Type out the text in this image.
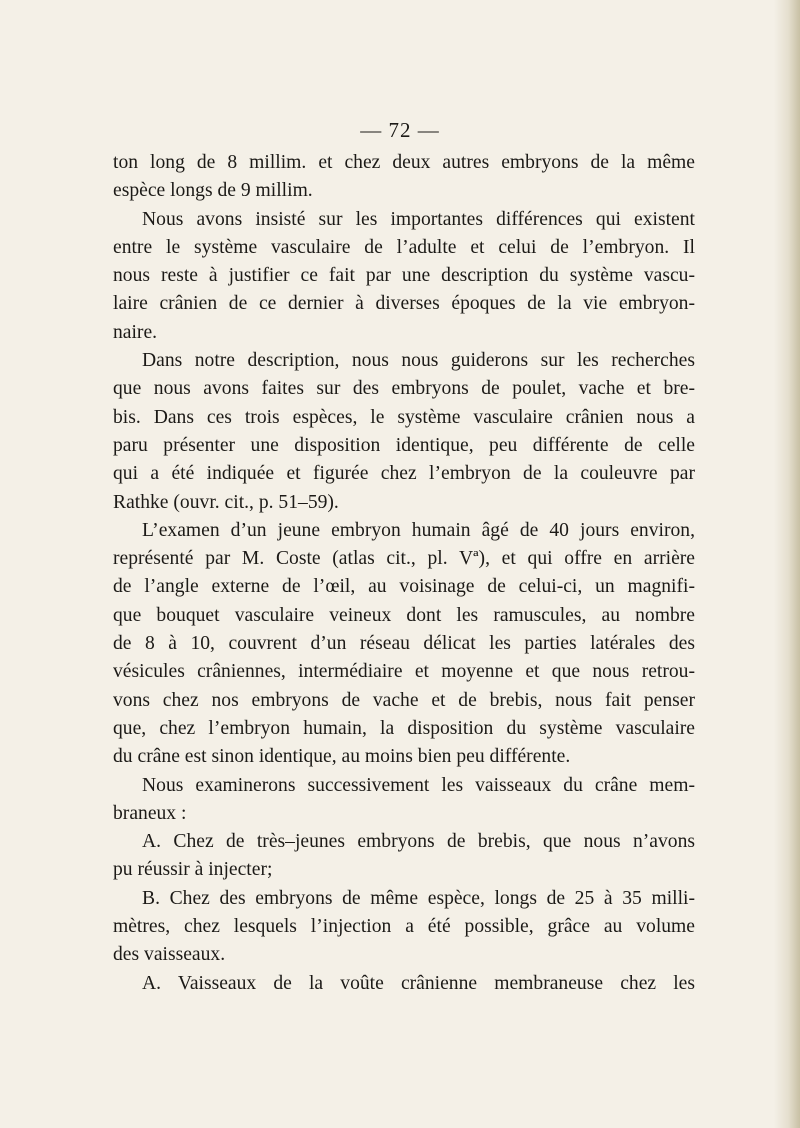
— 72 —
ton long de 8 millim. et chez deux autres embryons de la même
espèce longs de 9 millim.
Nous avons insisté sur les importantes différences qui existent
entre le système vasculaire de l’adulte et celui de l’embryon. Il
nous reste à justifier ce fait par une description du système vascu-
laire crânien de ce dernier à diverses époques de la vie embryon-
naire.
Dans notre description, nous nous guiderons sur les recherches
que nous avons faites sur des embryons de poulet, vache et bre-
bis. Dans ces trois espèces, le système vasculaire crânien nous a
paru présenter une disposition identique, peu différente de celle
qui a été indiquée et figurée chez l’embryon de la couleuvre par
Rathke (ouvr. cit., p. 51–59).
L’examen d’un jeune embryon humain âgé de 40 jours environ,
représenté par M. Coste (atlas cit., pl. Vª), et qui offre en arrière
de l’angle externe de l’œil, au voisinage de celui-ci, un magnifi-
que bouquet vasculaire veineux dont les ramuscules, au nombre
de 8 à 10, couvrent d’un réseau délicat les parties latérales des
vésicules crâniennes, intermédiaire et moyenne et que nous retrou-
vons chez nos embryons de vache et de brebis, nous fait penser
que, chez l’embryon humain, la disposition du système vasculaire
du crâne est sinon identique, au moins bien peu différente.
Nous examinerons successivement les vaisseaux du crâne mem-
braneux :
A. Chez de très–jeunes embryons de brebis, que nous n’avons
pu réussir à injecter;
B. Chez des embryons de même espèce, longs de 25 à 35 milli-
mètres, chez lesquels l’injection a été possible, grâce au volume
des vaisseaux.
A. Vaisseaux de la voûte crânienne membraneuse chez les
